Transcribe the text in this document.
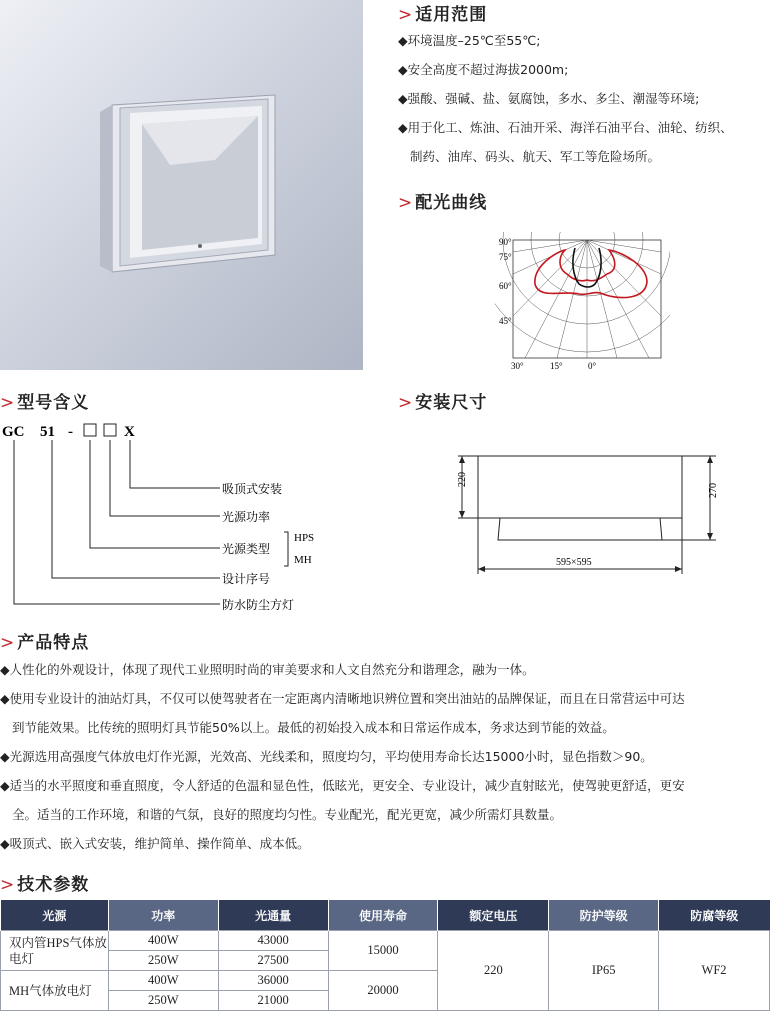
> 适用范围
◆环境温度–25℃至55℃;
◆安全高度不超过海拔2000m;
◆强酸、强碱、盐、氨腐蚀，多水、多尘、潮湿等环境;
◆用于化工、炼油、石油开采、海洋石油平台、油轮、纺织、
制药、油库、码头、航天、军工等危险场所。
> 配光曲线
90°
75°
60°
45°
30°	15°	0°
> 型号含义
GC 51 -	X
吸顶式安装
光源功率
光源类型
设计序号
防水防尘方灯
HPS
MH
> 安装尺寸
220
270
595×595
> 产品特点
◆人性化的外观设计，体现了现代工业照明时尚的审美要求和人文自然充分和谐理念，融为一体。
◆使用专业设计的油站灯具，不仅可以使驾驶者在一定距离内清晰地识辨位置和突出油站的品牌保证，而且在日常营运中可达
到节能效果。比传统的照明灯具节能50%以上。最低的初始投入成本和日常运作成本，务求达到节能的效益。
◆光源选用高强度气体放电灯作光源，光效高、光线柔和，照度均匀，平均使用寿命长达15000小时，显色指数＞90。
◆适当的水平照度和垂直照度，令人舒适的色温和显色性，低眩光，更安全、专业设计，减少直射眩光，使驾驶更舒适，更安
全。适当的工作环境，和谐的气氛，良好的照度均匀性。专业配光，配光更宽，减少所需灯具数量。
◆吸顶式、嵌入式安装，维护简单、操作简单、成本低。
> 技术参数
光源	功率	光通量	使用寿命	额定电压	防护等级	防腐等级
双内管HPS气体放电灯	400W	43000	15000	220	IP65	WF2
	250W	27500				
MH气体放电灯	400W	36000	20000			
	250W	21000				
